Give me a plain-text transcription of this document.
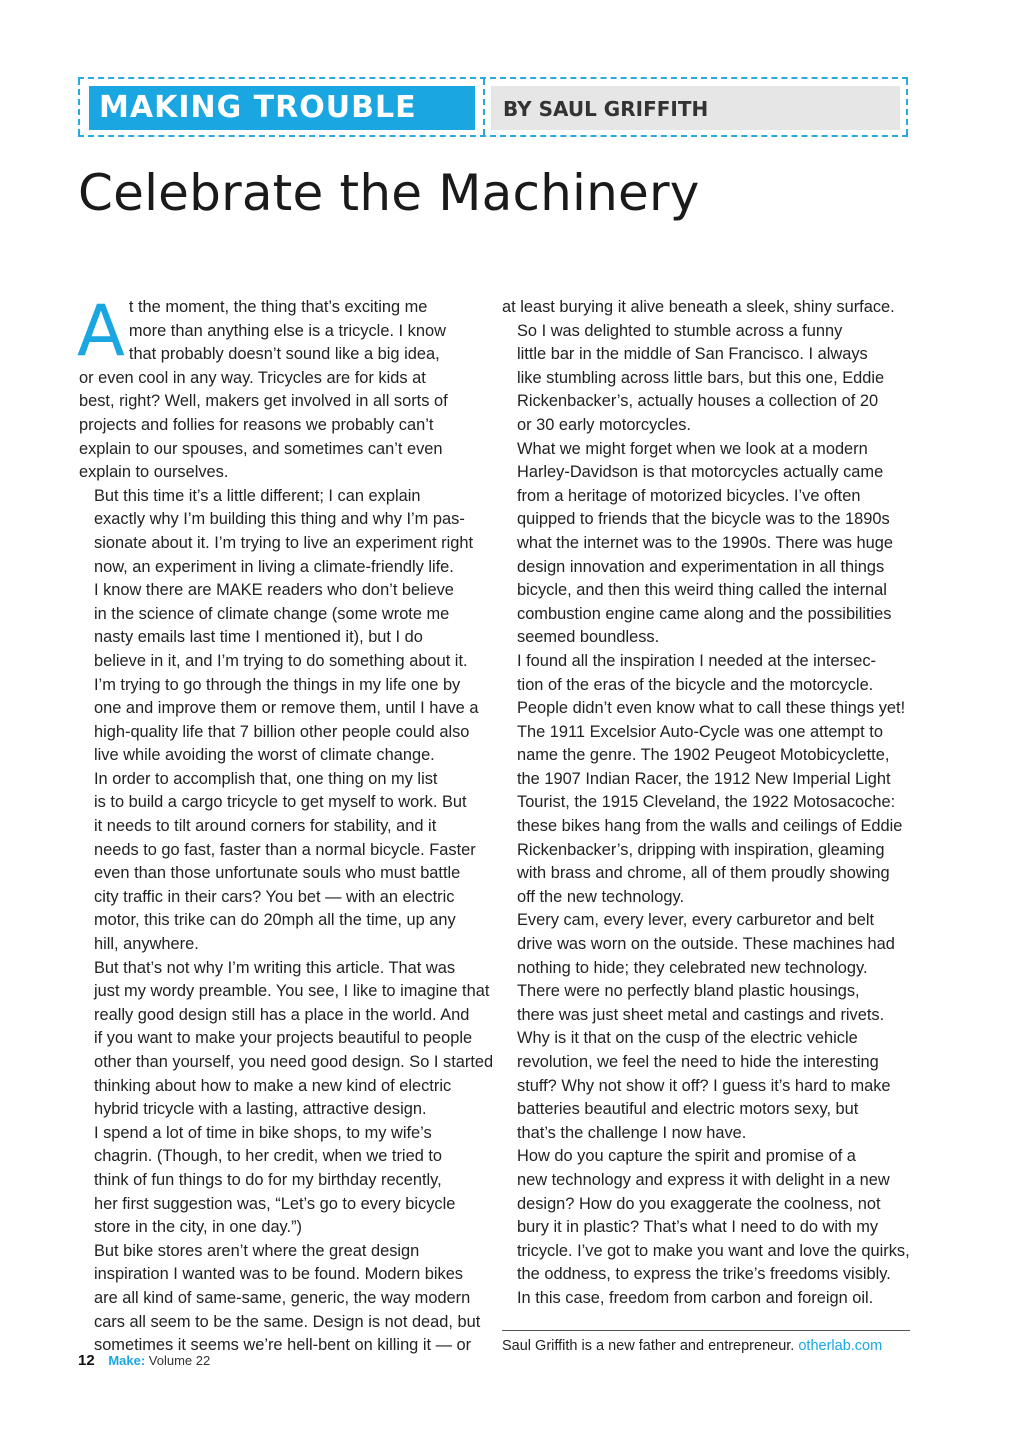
MAKING TROUBLE	BY SAUL GRIFFITH
Celebrate the Machinery

A t the moment, the thing that’s exciting me
more than anything else is a tricycle. I know
that probably doesn’t sound like a big idea,
or even cool in any way. Tricycles are for kids at
best, right? Well, makers get involved in all sorts of
projects and follies for reasons we probably can’t
explain to our spouses, and sometimes can’t even
explain to ourselves.

But this time it’s a little different; I can explain
exactly why I’m building this thing and why I’m pas-
sionate about it. I’m trying to live an experiment right
now, an experiment in living a climate-friendly life.

I know there are MAKE readers who don’t believe
in the science of climate change (some wrote me
nasty emails last time I mentioned it), but I do
believe in it, and I’m trying to do something about it.

I’m trying to go through the things in my life one by
one and improve them or remove them, until I have a
high-quality life that 7 billion other people could also
live while avoiding the worst of climate change.

In order to accomplish that, one thing on my list
is to build a cargo tricycle to get myself to work. But
it needs to tilt around corners for stability, and it
needs to go fast, faster than a normal bicycle. Faster
even than those unfortunate souls who must battle
city traffic in their cars? You bet — with an electric
motor, this trike can do 20mph all the time, up any
hill, anywhere.

But that’s not why I’m writing this article. That was
just my wordy preamble. You see, I like to imagine that
really good design still has a place in the world. And
if you want to make your projects beautiful to people
other than yourself, you need good design. So I started
thinking about how to make a new kind of electric
hybrid tricycle with a lasting, attractive design.

I spend a lot of time in bike shops, to my wife’s
chagrin. (Though, to her credit, when we tried to
think of fun things to do for my birthday recently,
her first suggestion was, “Let’s go to every bicycle
store in the city, in one day.”)

But bike stores aren’t where the great design
inspiration I wanted was to be found. Modern bikes
are all kind of same-same, generic, the way modern
cars all seem to be the same. Design is not dead, but
sometimes it seems we’re hell-bent on killing it — or

at least burying it alive beneath a sleek, shiny surface.

So I was delighted to stumble across a funny
little bar in the middle of San Francisco. I always
like stumbling across little bars, but this one, Eddie
Rickenbacker’s, actually houses a collection of 20
or 30 early motorcycles.

What we might forget when we look at a modern
Harley-Davidson is that motorcycles actually came
from a heritage of motorized bicycles. I’ve often
quipped to friends that the bicycle was to the 1890s
what the internet was to the 1990s. There was huge
design innovation and experimentation in all things
bicycle, and then this weird thing called the internal
combustion engine came along and the possibilities
seemed boundless.

I found all the inspiration I needed at the intersec-
tion of the eras of the bicycle and the motorcycle.
People didn’t even know what to call these things yet!
The 1911 Excelsior Auto-Cycle was one attempt to
name the genre. The 1902 Peugeot Motobicyclette,
the 1907 Indian Racer, the 1912 New Imperial Light
Tourist, the 1915 Cleveland, the 1922 Motosacoche:
these bikes hang from the walls and ceilings of Eddie
Rickenbacker’s, dripping with inspiration, gleaming
with brass and chrome, all of them proudly showing
off the new technology.

Every cam, every lever, every carburetor and belt
drive was worn on the outside. These machines had
nothing to hide; they celebrated new technology.
There were no perfectly bland plastic housings,
there was just sheet metal and castings and rivets.
Why is it that on the cusp of the electric vehicle
revolution, we feel the need to hide the interesting
stuff? Why not show it off? I guess it’s hard to make
batteries beautiful and electric motors sexy, but
that’s the challenge I now have.

How do you capture the spirit and promise of a
new technology and express it with delight in a new
design? How do you exaggerate the coolness, not
bury it in plastic? That’s what I need to do with my
tricycle. I’ve got to make you want and love the quirks,
the oddness, to express the trike’s freedoms visibly.
In this case, freedom from carbon and foreign oil.

Saul Griffith is a new father and entrepreneur. otherlab.com
12 Make: Volume 22
